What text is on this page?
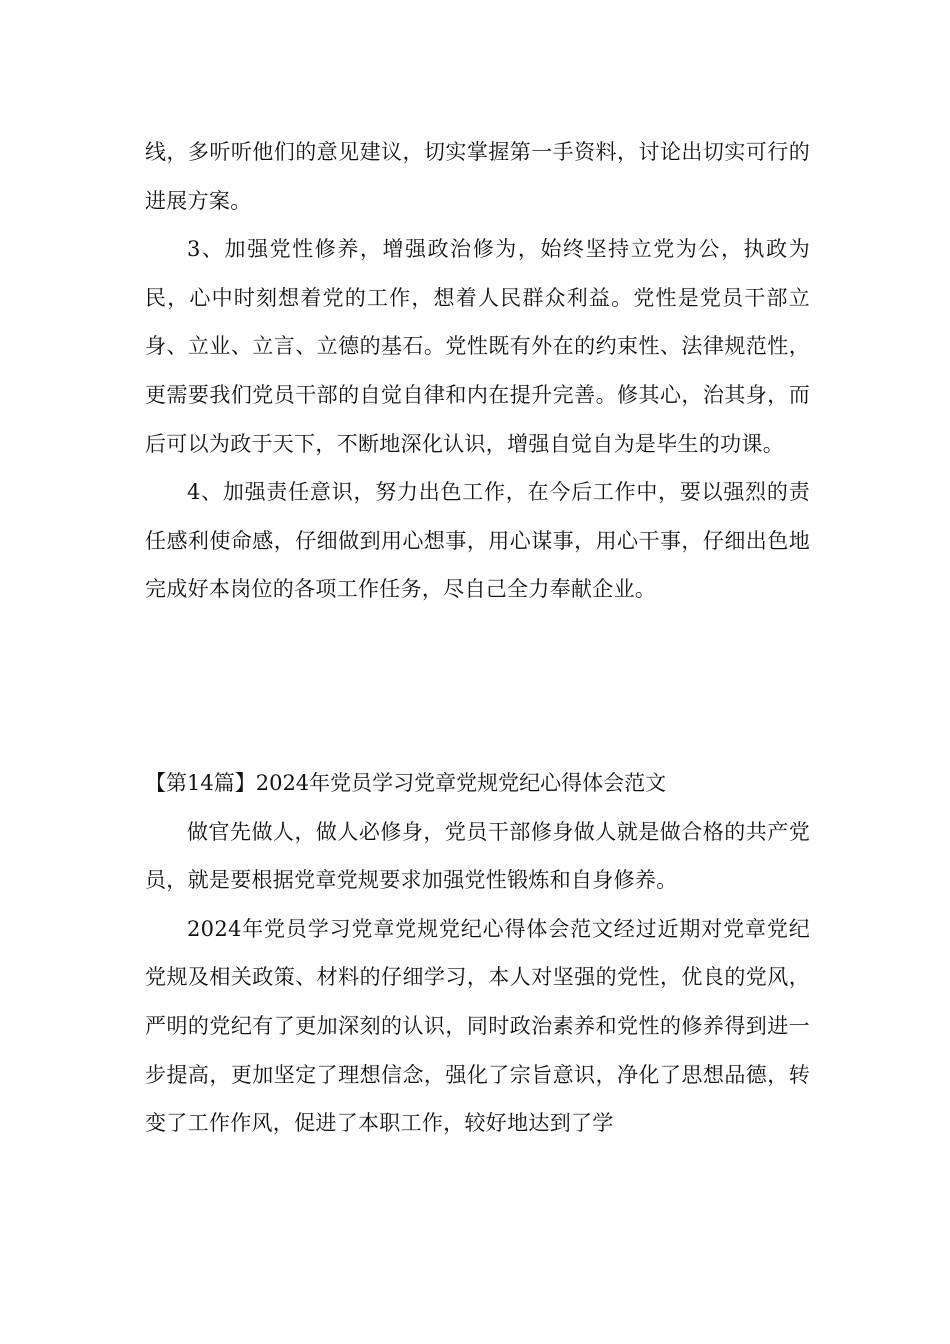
线，多听听他们的意见建议，切实掌握第一手资料，讨论出切实可行的进展方案。

3、加强党性修养，增强政治修为，始终坚持立党为公，执政为民，心中时刻想着党的工作，想着人民群众利益。党性是党员干部立身、立业、立言、立德的基石。党性既有外在的约束性、法律规范性，更需要我们党员干部的自觉自律和内在提升完善。修其心，治其身，而后可以为政于天下，不断地深化认识，增强自觉自为是毕生的功课。

4、加强责任意识，努力出色工作，在今后工作中，要以强烈的责任感利使命感，仔细做到用心想事，用心谋事，用心干事，仔细出色地完成好本岗位的各项工作任务，尽自己全力奉献企业。

【第14篇】2024年党员学习党章党规党纪心得体会范文

做官先做人，做人必修身，党员干部修身做人就是做合格的共产党员，就是要根据党章党规要求加强党性锻炼和自身修养。

2024年党员学习党章党规党纪心得体会范文经过近期对党章党纪党规及相关政策、材料的仔细学习，本人对坚强的党性，优良的党风，严明的党纪有了更加深刻的认识，同时政治素养和党性的修养得到进一步提高，更加坚定了理想信念，强化了宗旨意识，净化了思想品德，转变了工作作风，促进了本职工作，较好地达到了学
